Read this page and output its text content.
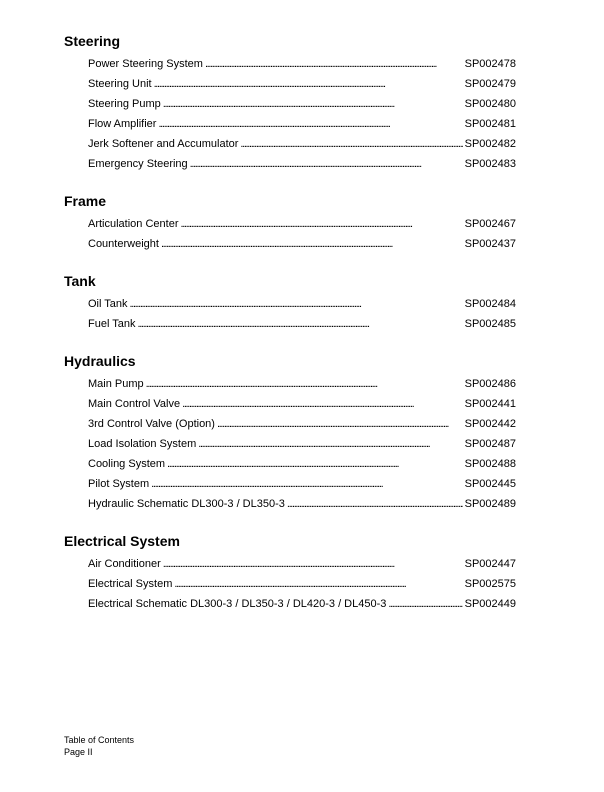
Steering
Power Steering System . . .	SP002478
Steering Unit . . .	SP002479
Steering Pump . . .	SP002480
Flow Amplifier . . .	SP002481
Jerk Softener and Accumulator . . .	SP002482
Emergency Steering . . .	SP002483
Frame
Articulation Center . . .	SP002467
Counterweight . . .	SP002437
Tank
Oil Tank . . .	SP002484
Fuel Tank . . .	SP002485
Hydraulics
Main Pump . . .	SP002486
Main Control Valve . . .	SP002441
3rd Control Valve (Option) . . .	SP002442
Load Isolation System . . .	SP002487
Cooling System . . .	SP002488
Pilot System . . .	SP002445
Hydraulic Schematic DL300-3 / DL350-3 . . .	SP002489
Electrical System
Air Conditioner . . .	SP002447
Electrical System . . .	SP002575
Electrical Schematic DL300-3 / DL350-3 / DL420-3 / DL450-3 . . .	SP002449
Table of Contents
Page II
